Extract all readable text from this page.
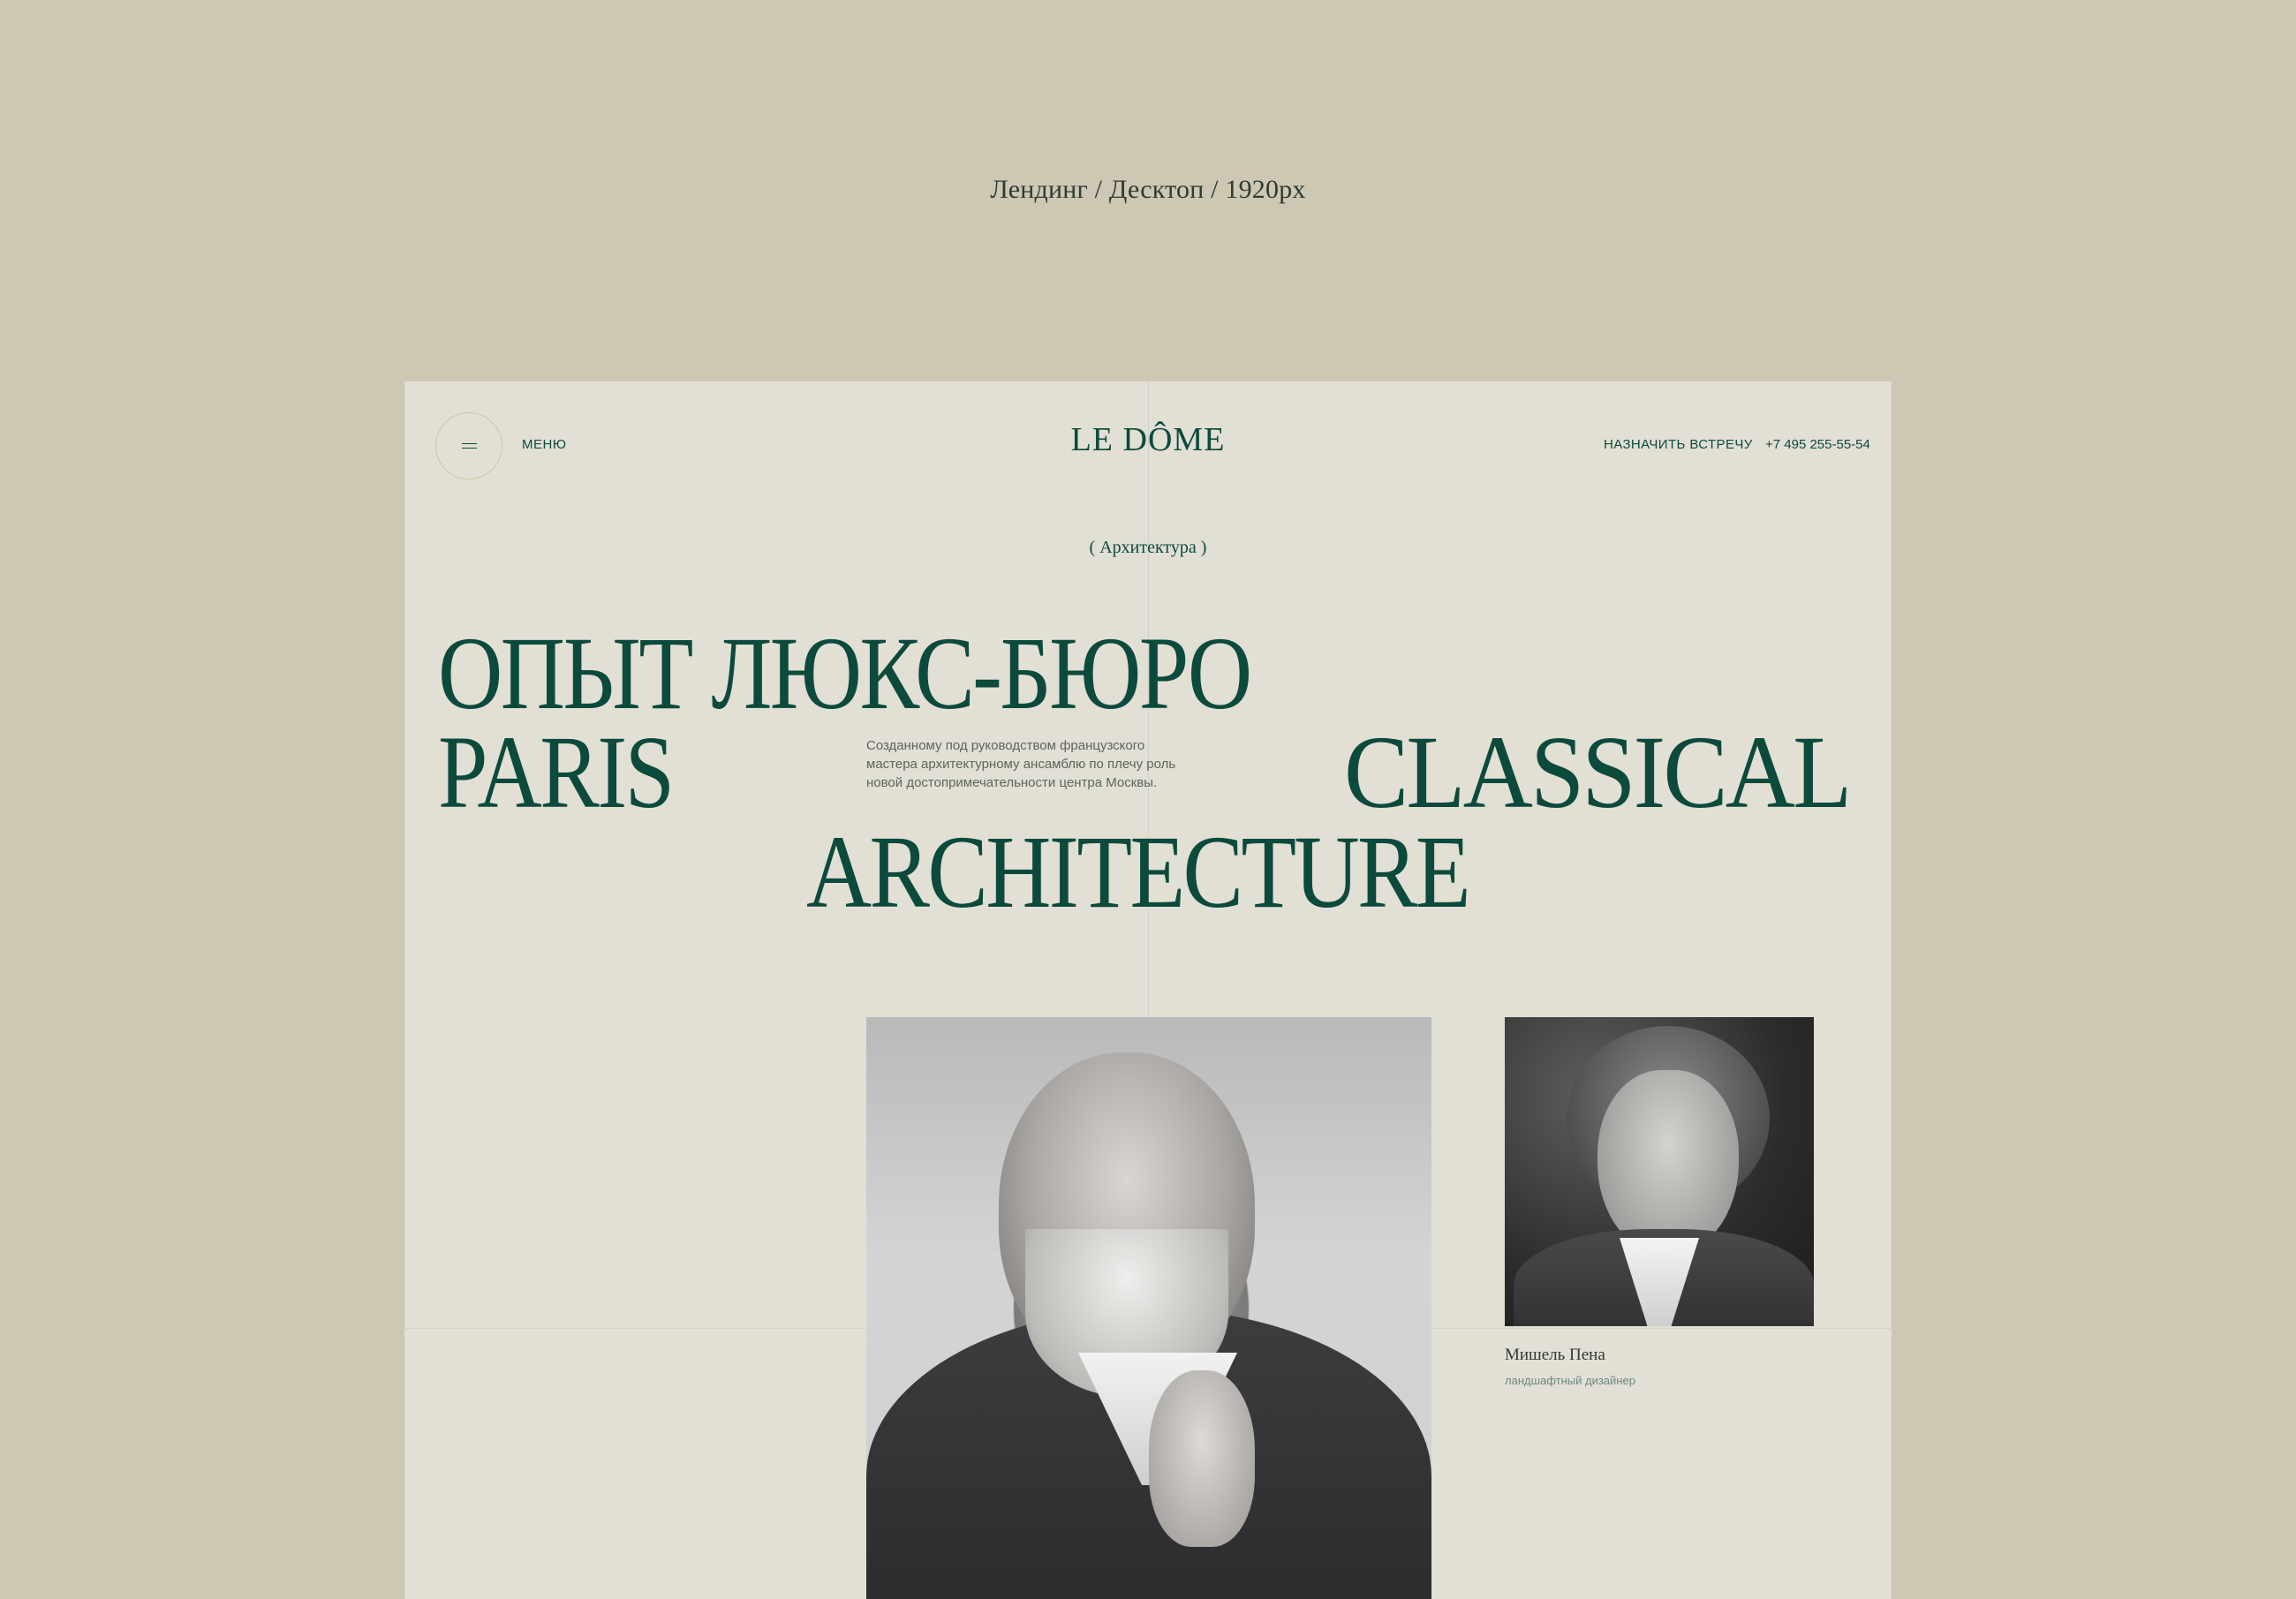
Лендинг / Десктоп / 1920px
МЕНЮ	LE DÔME	НАЗНАЧИТЬ ВСТРЕЧУ +7 495 255-55-54
( Архитектура )
ОПЫТ ЛЮКС-БЮРО
PARIS	Созданному под руководством французского мастера архитектурному ансамблю по плечу роль новой достопримечательности центра Москвы.	CLASSICAL
ARCHITECTURE
Мишель Пена
ландшафтный дизайнер
